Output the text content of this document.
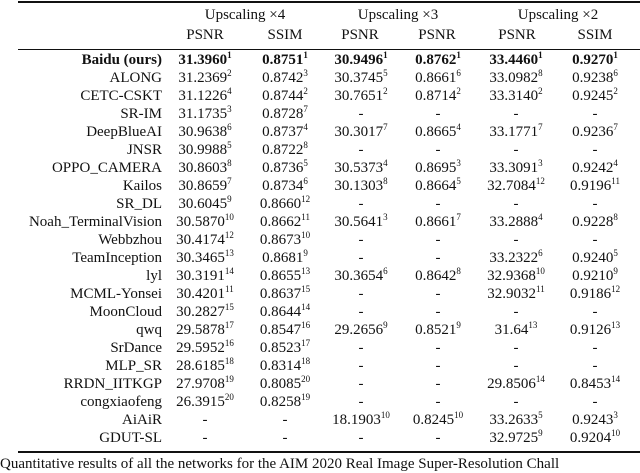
Upscaling ×4	Upscaling ×3	Upscaling ×2
PSNR	SSIM	PSNR	PSNR	PSNR	SSIM
Baidu (ours)	31.3960$^1$	0.8751$^1$	30.9496$^1$	0.8762$^1$	33.4460$^1$	0.9270$^1$
ALONG	31.2369$^2$	0.8742$^3$	30.3745$^5$	0.8661$^6$	33.0982$^8$	0.9238$^6$
CETC-CSKT	31.1226$^4$	0.8744$^2$	30.7651$^2$	0.8714$^2$	33.3140$^2$	0.9245$^2$
SR-IM	31.1735$^3$	0.8728$^7$	-	-	-	-
DeepBlueAI	30.9638$^6$	0.8737$^4$	30.3017$^7$	0.8665$^4$	33.1771$^7$	0.9236$^7$
JNSR	30.9988$^5$	0.8722$^8$	-	-	-	-
OPPO_CAMERA	30.8603$^8$	0.8736$^5$	30.5373$^4$	0.8695$^3$	33.3091$^3$	0.9242$^4$
Kailos	30.8659$^7$	0.8734$^6$	30.1303$^8$	0.8664$^5$	32.7084$^{12}$	0.9196$^{11}$
SR_DL	30.6045$^9$	0.8660$^{12}$	-	-	-	-
Noah_TerminalVision	30.5870$^{10}$	0.8662$^{11}$	30.5641$^3$	0.8661$^7$	33.2888$^4$	0.9228$^8$
Webbzhou	30.4174$^{12}$	0.8673$^{10}$	-	-	-	-
TeamInception	30.3465$^{13}$	0.8681$^9$	-	-	33.2322$^6$	0.9240$^5$
lyl	30.3191$^{14}$	0.8655$^{13}$	30.3654$^6$	0.8642$^8$	32.9368$^{10}$	0.9210$^9$
MCML-Yonsei	30.4201$^{11}$	0.8637$^{15}$	-	-	32.9032$^{11}$	0.9186$^{12}$
MoonCloud	30.2827$^{15}$	0.8644$^{14}$	-	-	-	-
qwq	29.5878$^{17}$	0.8547$^{16}$	29.2656$^9$	0.8521$^9$	31.64$^{13}$	0.9126$^{13}$
SrDance	29.5952$^{16}$	0.8523$^{17}$	-	-	-	-
MLP_SR	28.6185$^{18}$	0.8314$^{18}$	-	-	-	-
RRDN_IITKGP	27.9708$^{19}$	0.8085$^{20}$	-	-	29.8506$^{14}$	0.8453$^{14}$
congxiaofeng	26.3915$^{20}$	0.8258$^{19}$	-	-	-	-
AiAiR	-	-	18.1903$^{10}$	0.8245$^{10}$	33.2633$^5$	0.9243$^3$
GDUT-SL	-	-	-	-	32.9725$^9$	0.9204$^{10}$
Quantitative results of all the networks for the AIM 2020 Real Image Super-Resolution Chall
